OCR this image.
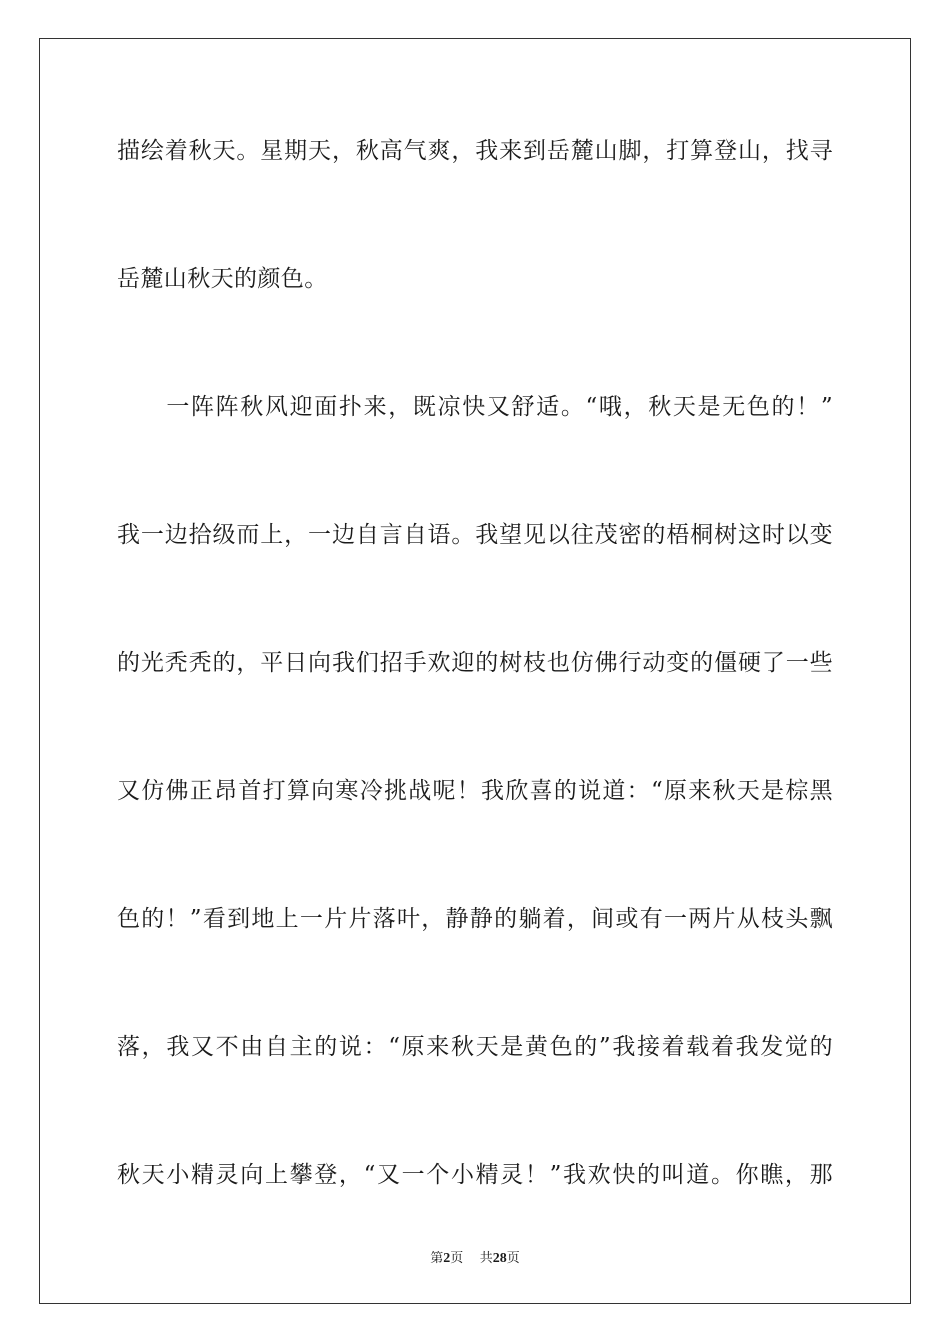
描绘着秋天。星期天，秋高气爽，我来到岳麓山脚，打算登山，找寻
岳麓山秋天的颜色。
　　一阵阵秋风迎面扑来，既凉快又舒适。“哦，秋天是无色的！”
我一边拾级而上，一边自言自语。我望见以往茂密的梧桐树这时以变
的光秃秃的，平日向我们招手欢迎的树枝也仿佛行动变的僵硬了一些
又仿佛正昂首打算向寒冷挑战呢！我欣喜的说道：“原来秋天是棕黑
色的！”看到地上一片片落叶，静静的躺着，间或有一两片从枝头飘
落，我又不由自主的说：“原来秋天是黄色的”我接着载着我发觉的
秋天小精灵向上攀登，“又一个小精灵！”我欢快的叫道。你瞧，那
第2页 共28页
